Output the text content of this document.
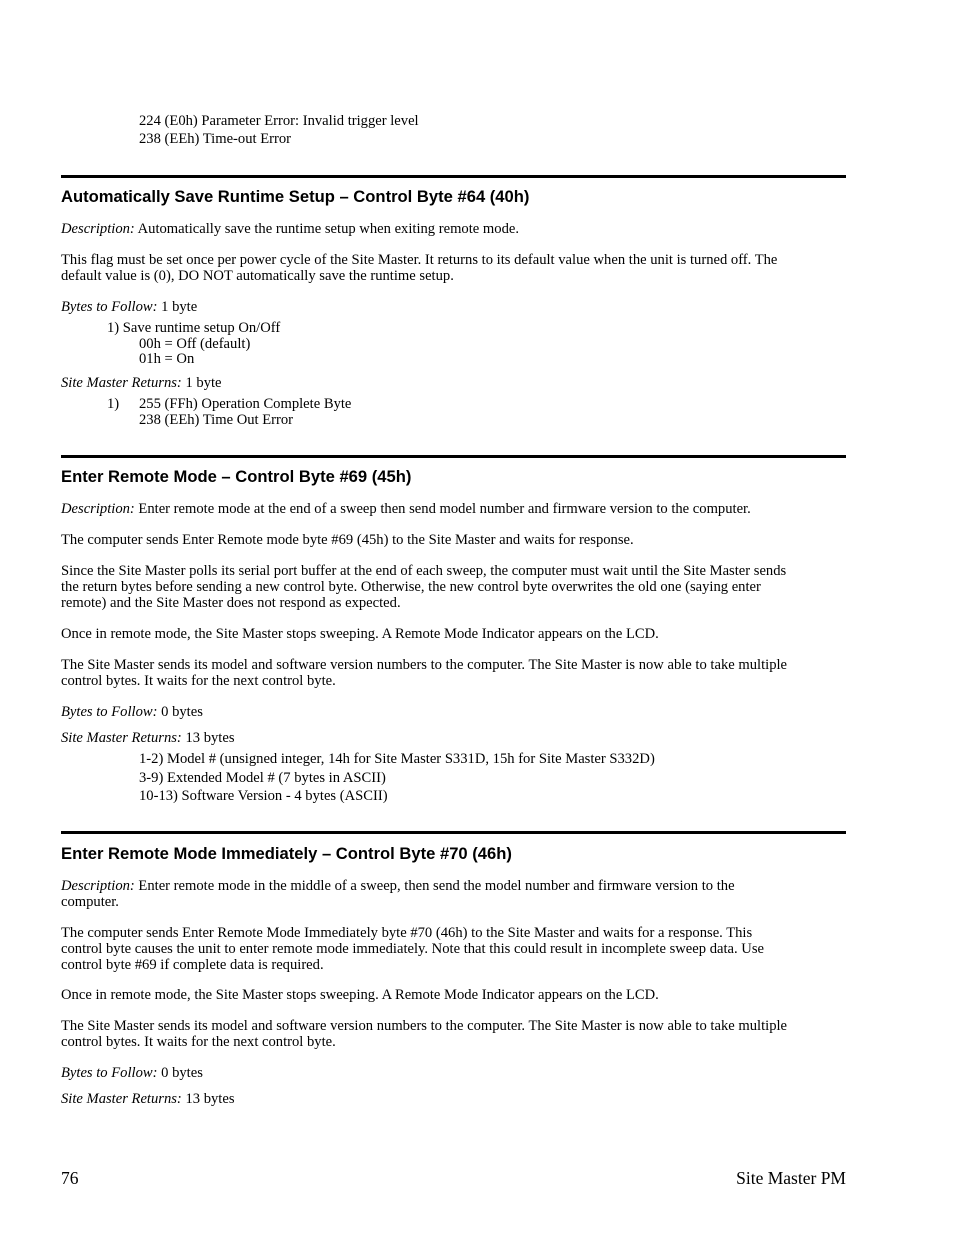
224 (E0h) Parameter Error: Invalid trigger level
238 (EEh) Time-out Error
Automatically Save Runtime Setup – Control Byte #64 (40h)
Description: Automatically save the runtime setup when exiting remote mode.
This flag must be set once per power cycle of the Site Master. It returns to its default value when the unit is turned off. The
default value is (0), DO NOT automatically save the runtime setup.
Bytes to Follow: 1 byte
1) Save runtime setup On/Off
00h = Off (default)
01h = On
Site Master Returns: 1 byte
1) 255 (FFh) Operation Complete Byte
238 (EEh) Time Out Error
Enter Remote Mode – Control Byte #69 (45h)
Description: Enter remote mode at the end of a sweep then send model number and firmware version to the computer.
The computer sends Enter Remote mode byte #69 (45h) to the Site Master and waits for response.
Since the Site Master polls its serial port buffer at the end of each sweep, the computer must wait until the Site Master sends
the return bytes before sending a new control byte. Otherwise, the new control byte overwrites the old one (saying enter
remote) and the Site Master does not respond as expected.
Once in remote mode, the Site Master stops sweeping. A Remote Mode Indicator appears on the LCD.
The Site Master sends its model and software version numbers to the computer. The Site Master is now able to take multiple
control bytes. It waits for the next control byte.
Bytes to Follow: 0 bytes
Site Master Returns: 13 bytes
1-2) Model # (unsigned integer, 14h for Site Master S331D, 15h for Site Master S332D)
3-9) Extended Model # (7 bytes in ASCII)
10-13) Software Version - 4 bytes (ASCII)
Enter Remote Mode Immediately – Control Byte #70 (46h)
Description: Enter remote mode in the middle of a sweep, then send the model number and firmware version to the
computer.
The computer sends Enter Remote Mode Immediately byte #70 (46h) to the Site Master and waits for a response. This
control byte causes the unit to enter remote mode immediately. Note that this could result in incomplete sweep data. Use
control byte #69 if complete data is required.
Once in remote mode, the Site Master stops sweeping. A Remote Mode Indicator appears on the LCD.
The Site Master sends its model and software version numbers to the computer. The Site Master is now able to take multiple
control bytes. It waits for the next control byte.
Bytes to Follow: 0 bytes
Site Master Returns: 13 bytes
76	Site Master PM
